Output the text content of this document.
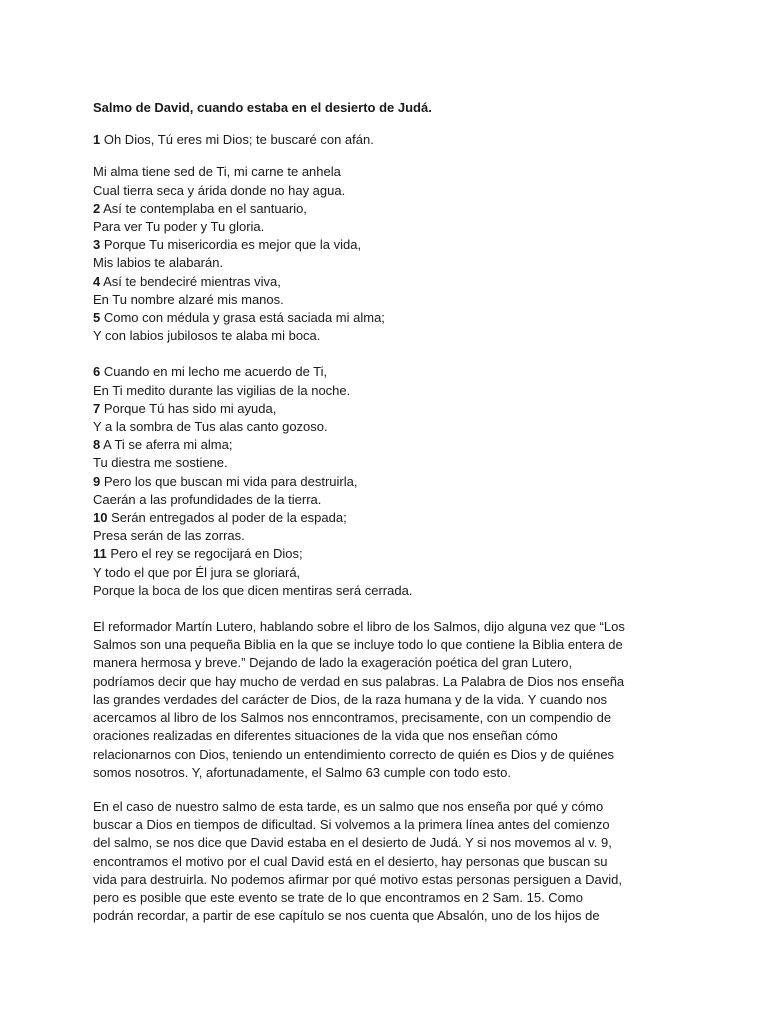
Salmo de David, cuando estaba en el desierto de Judá.
1 Oh Dios, Tú eres mi Dios; te buscaré con afán.
Mi alma tiene sed de Ti, mi carne te anhela
Cual tierra seca y árida donde no hay agua.
2 Así te contemplaba en el santuario,
Para ver Tu poder y Tu gloria.
3 Porque Tu misericordia es mejor que la vida,
Mis labios te alabarán.
4 Así te bendeciré mientras viva,
En Tu nombre alzaré mis manos.
5 Como con médula y grasa está saciada mi alma;
Y con labios jubilosos te alaba mi boca.
6 Cuando en mi lecho me acuerdo de Ti,
En Ti medito durante las vigilias de la noche.
7 Porque Tú has sido mi ayuda,
Y a la sombra de Tus alas canto gozoso.
8 A Ti se aferra mi alma;
Tu diestra me sostiene.
9 Pero los que buscan mi vida para destruirla,
Caerán a las profundidades de la tierra.
10 Serán entregados al poder de la espada;
Presa serán de las zorras.
11 Pero el rey se regocijará en Dios;
Y todo el que por Él jura se gloriará,
Porque la boca de los que dicen mentiras será cerrada.
El reformador Martín Lutero, hablando sobre el libro de los Salmos, dijo alguna vez que “Los
Salmos son una pequeña Biblia en la que se incluye todo lo que contiene la Biblia entera de
manera hermosa y breve.” Dejando de lado la exageración poética del gran Lutero,
podríamos decir que hay mucho de verdad en sus palabras. La Palabra de Dios nos enseña
las grandes verdades del carácter de Dios, de la raza humana y de la vida. Y cuando nos
acercamos al libro de los Salmos nos enncontramos, precisamente, con un compendio de
oraciones realizadas en diferentes situaciones de la vida que nos enseñan cómo
relacionarnos con Dios, teniendo un entendimiento correcto de quién es Dios y de quiénes
somos nosotros. Y, afortunadamente, el Salmo 63 cumple con todo esto.
En el caso de nuestro salmo de esta tarde, es un salmo que nos enseña por qué y cómo
buscar a Dios en tiempos de dificultad. Si volvemos a la primera línea antes del comienzo
del salmo, se nos dice que David estaba en el desierto de Judá. Y si nos movemos al v. 9,
encontramos el motivo por el cual David está en el desierto, hay personas que buscan su
vida para destruirla. No podemos afirmar por qué motivo estas personas persiguen a David,
pero es posible que este evento se trate de lo que encontramos en 2 Sam. 15. Como
podrán recordar, a partir de ese capítulo se nos cuenta que Absalón, uno de los hijos de
